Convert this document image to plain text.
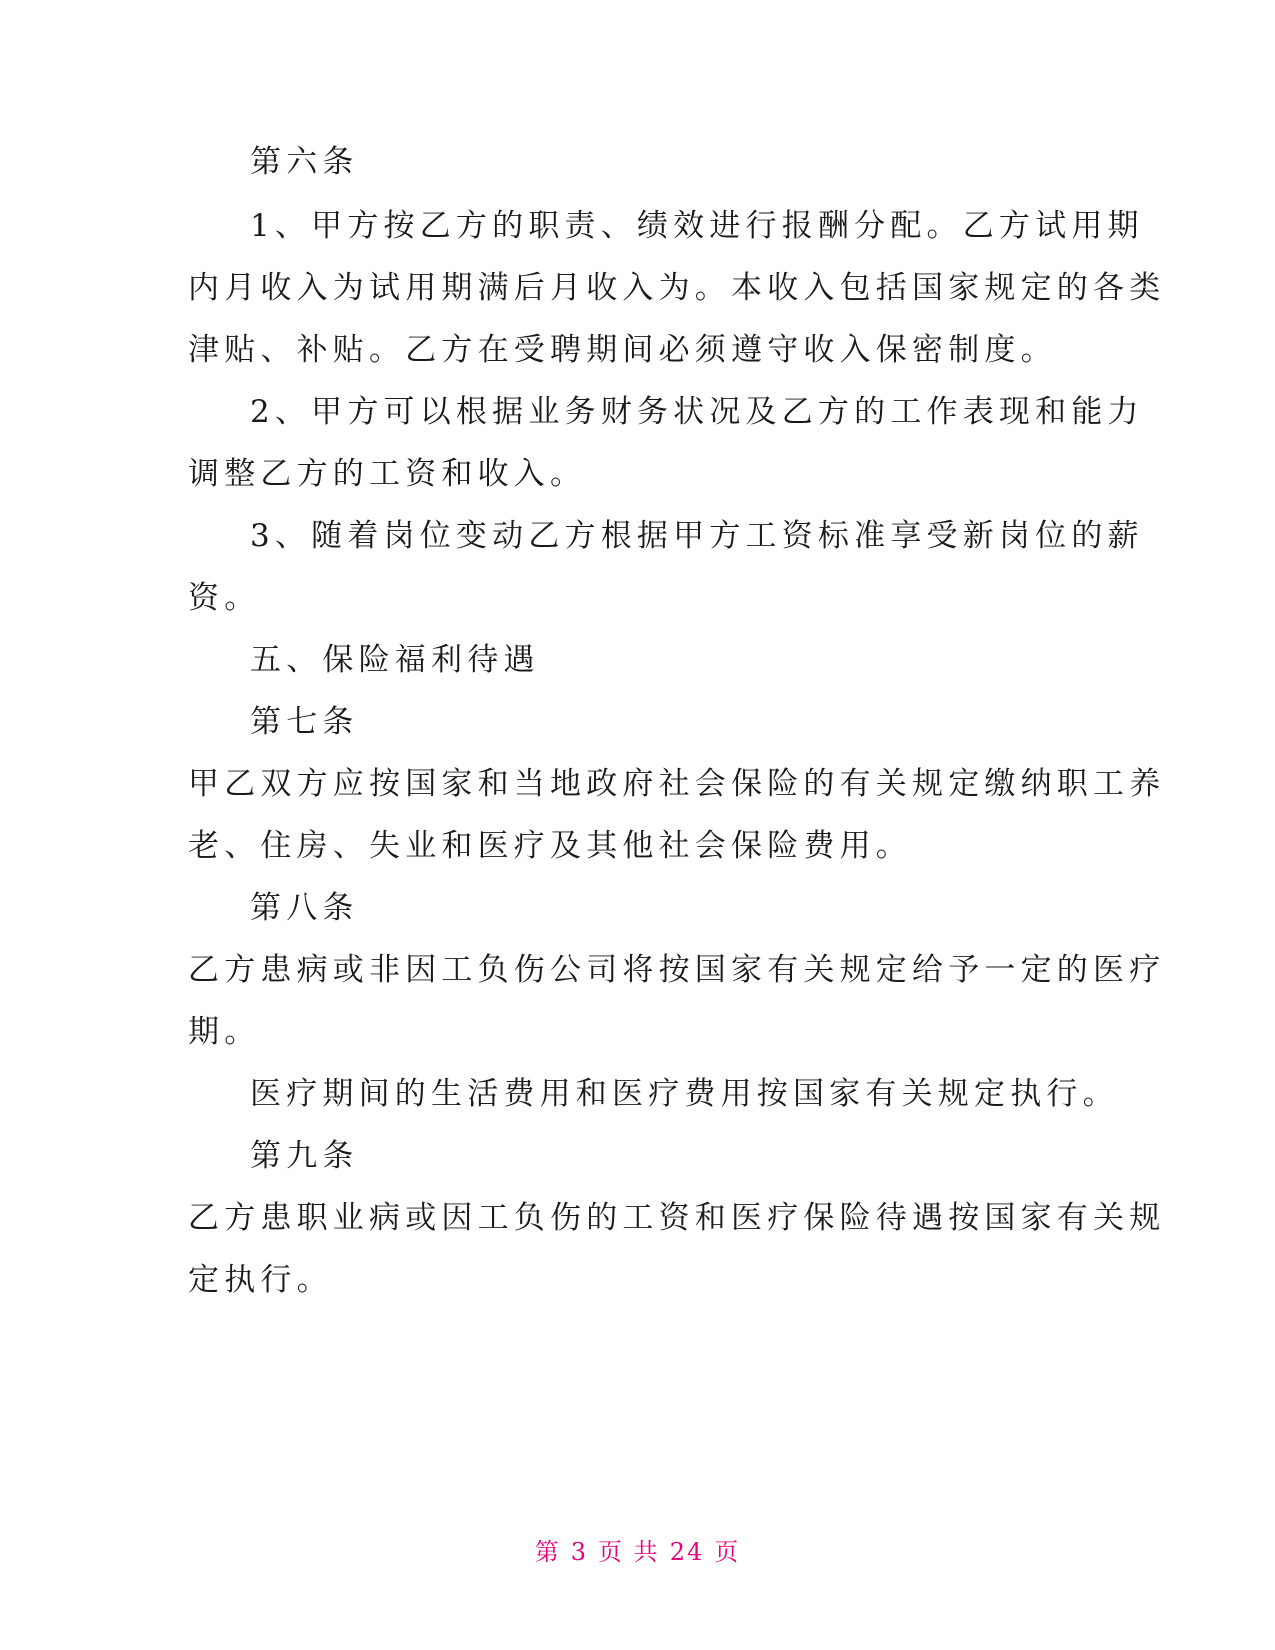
第六条
1、甲方按乙方的职责、绩效进行报酬分配。乙方试用期
内月收入为试用期满后月收入为。本收入包括国家规定的各类
津贴、补贴。乙方在受聘期间必须遵守收入保密制度。
2、甲方可以根据业务财务状况及乙方的工作表现和能力
调整乙方的工资和收入。
3、随着岗位变动乙方根据甲方工资标准享受新岗位的薪
资。
五、保险福利待遇
第七条
甲乙双方应按国家和当地政府社会保险的有关规定缴纳职工养
老、住房、失业和医疗及其他社会保险费用。
第八条
乙方患病或非因工负伤公司将按国家有关规定给予一定的医疗
期。
医疗期间的生活费用和医疗费用按国家有关规定执行。
第九条
乙方患职业病或因工负伤的工资和医疗保险待遇按国家有关规
定执行。
第 3 页 共 24 页
